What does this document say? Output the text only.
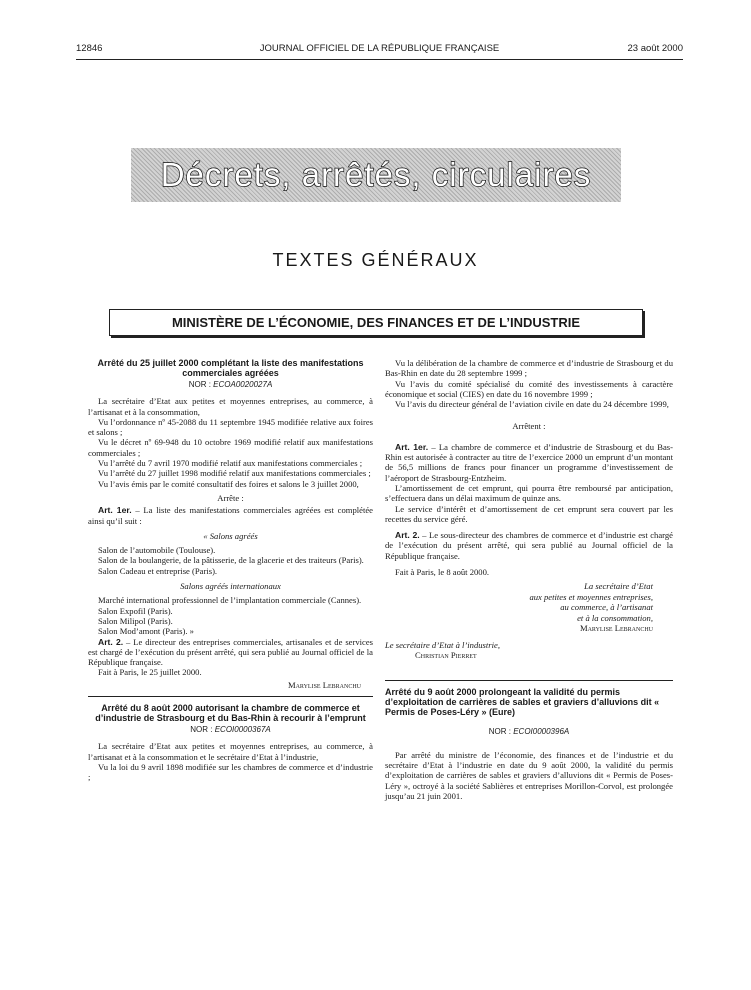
12846	JOURNAL OFFICIEL DE LA RÉPUBLIQUE FRANÇAISE	23 août 2000
Décrets, arrêtés, circulaires
TEXTES GÉNÉRAUX
MINISTÈRE DE L’ÉCONOMIE, DES FINANCES ET DE L’INDUSTRIE
Arrêté du 25 juillet 2000 complétant la liste des manifestations commerciales agréées
NOR : ECOA0020027A

La secrétaire d’Etat aux petites et moyennes entreprises, au commerce, à l’artisanat et à la consommation,

Vu l’ordonnance nº 45-2088 du 11 septembre 1945 modifiée relative aux foires et salons ;

Vu le décret nº 69-948 du 10 octobre 1969 modifié relatif aux manifestations commerciales ;

Vu l’arrêté du 7 avril 1970 modifié relatif aux manifestations commerciales ;

Vu l’arrêté du 27 juillet 1998 modifié relatif aux manifestations commerciales ;

Vu l’avis émis par le comité consultatif des foires et salons le 3 juillet 2000,

Arrête :

Art. 1er. – La liste des manifestations commerciales agréées est complétée ainsi qu’il suit :

« Salons agréés

Salon de l’automobile (Toulouse).

Salon de la boulangerie, de la pâtisserie, de la glacerie et des traiteurs (Paris).

Salon Cadeau et entreprise (Paris).

Salons agréés internationaux

Marché international professionnel de l’implantation commerciale (Cannes).

Salon Expofil (Paris).

Salon Milipol (Paris).

Salon Mod’amont (Paris). »

Art. 2. – Le directeur des entreprises commerciales, artisanales et de services est chargé de l’exécution du présent arrêté, qui sera publié au Journal officiel de la République française.

Fait à Paris, le 25 juillet 2000.

Marylise Lebranchu

Arrêté du 8 août 2000 autorisant la chambre de commerce et d’industrie de Strasbourg et du Bas-Rhin à recourir à l’emprunt
NOR : ECOI0000367A

La secrétaire d’Etat aux petites et moyennes entreprises, au commerce, à l’artisanat et à la consommation et le secrétaire d’Etat à l’industrie,

Vu la loi du 9 avril 1898 modifiée sur les chambres de commerce et d’industrie ;

Vu la délibération de la chambre de commerce et d’industrie de Strasbourg et du Bas-Rhin en date du 28 septembre 1999 ;

Vu l’avis du comité spécialisé du comité des investissements à caractère économique et social (CIES) en date du 16 novembre 1999 ;

Vu l’avis du directeur général de l’aviation civile en date du 24 décembre 1999,

Arrêtent :

Art. 1er. – La chambre de commerce et d’industrie de Strasbourg et du Bas-Rhin est autorisée à contracter au titre de l’exercice 2000 un emprunt d’un montant de 56,5 millions de francs pour financer un programme d’investissement de l’aéroport de Strasbourg-Entzheim.

L’amortissement de cet emprunt, qui pourra être remboursé par anticipation, s’effectuera dans un délai maximum de quinze ans.

Le service d’intérêt et d’amortissement de cet emprunt sera couvert par les recettes du service géré.

Art. 2. – Le sous-directeur des chambres de commerce et d’industrie est chargé de l’exécution du présent arrêté, qui sera publié au Journal officiel de la République française.

Fait à Paris, le 8 août 2000.

La secrétaire d’Etat
aux petites et moyennes entreprises,
au commerce, à l’artisanat
et à la consommation,
Marylise Lebranchu

Le secrétaire d’Etat à l’industrie,

Christian Pierret

Arrêté du 9 août 2000 prolongeant la validité du permis d’exploitation de carrières de sables et graviers d’alluvions dit « Permis de Poses-Léry » (Eure)
NOR : ECOI0000396A

Par arrêté du ministre de l’économie, des finances et de l’industrie et du secrétaire d’Etat à l’industrie en date du 9 août 2000, la validité du permis d’exploitation de carrières de sables et graviers d’alluvions dit « Permis de Poses-Léry », octroyé à la société Sablières et entreprises Morillon-Corvol, est prolongée jusqu’au 21 juin 2001.
